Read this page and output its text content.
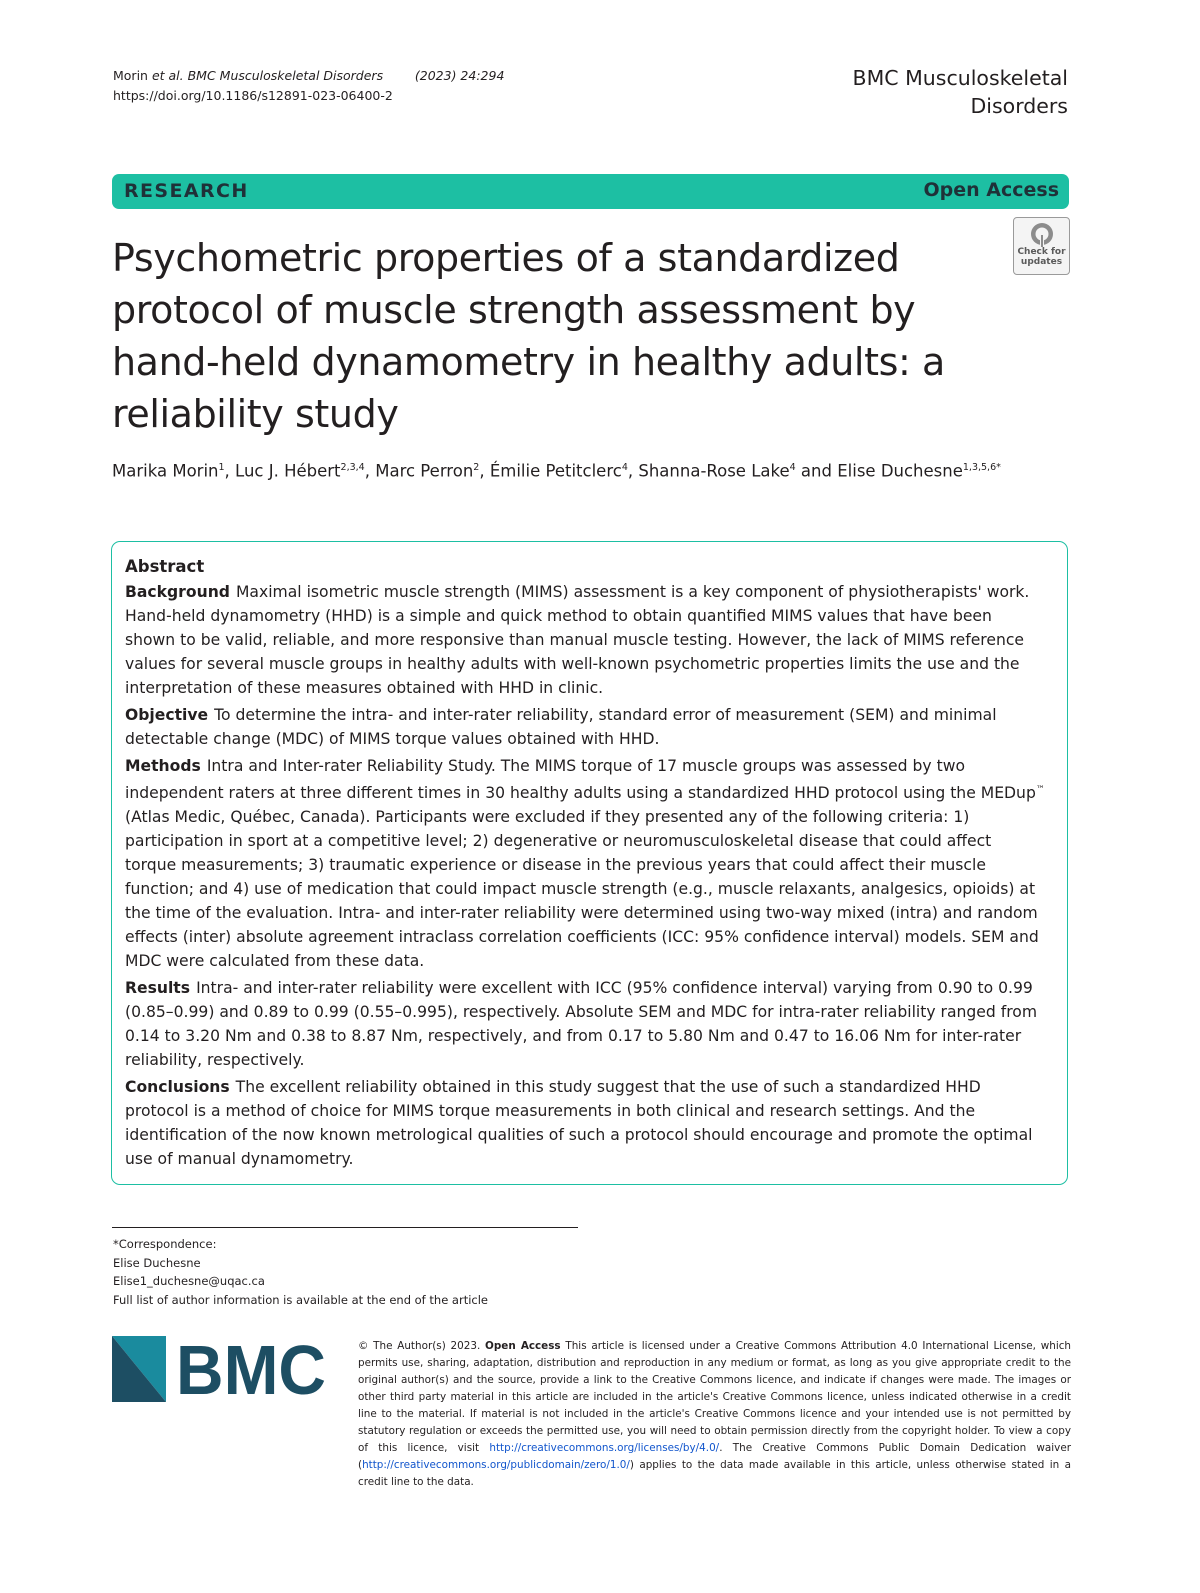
Morin et al. BMC Musculoskeletal Disorders	(2023) 24:294
https://doi.org/10.1186/s12891-023-06400-2
BMC Musculoskeletal
Disorders
RESEARCH	Open Access
Check for
updates
Psychometric properties of a standardized protocol of muscle strength assessment by hand-held dynamometry in healthy adults: a reliability study
Marika Morin$^1$, Luc J. Hébert$^{2,3,4}$, Marc Perron$^2$, Émilie Petitclerc$^4$, Shanna-Rose Lake$^4$ and Elise Duchesne$^{1,3,5,6*}$
Abstract

Background Maximal isometric muscle strength (MIMS) assessment is a key component of physiotherapists' work. Hand-held dynamometry (HHD) is a simple and quick method to obtain quantified MIMS values that have been shown to be valid, reliable, and more responsive than manual muscle testing. However, the lack of MIMS reference values for several muscle groups in healthy adults with well-known psychometric properties limits the use and the interpretation of these measures obtained with HHD in clinic.

Objective To determine the intra- and inter-rater reliability, standard error of measurement (SEM) and minimal detectable change (MDC) of MIMS torque values obtained with HHD.

Methods Intra and Inter-rater Reliability Study. The MIMS torque of 17 muscle groups was assessed by two independent raters at three different times in 30 healthy adults using a standardized HHD protocol using the MEDup™ (Atlas Medic, Québec, Canada). Participants were excluded if they presented any of the following criteria: 1) participation in sport at a competitive level; 2) degenerative or neuromusculoskeletal disease that could affect torque measurements; 3) traumatic experience or disease in the previous years that could affect their muscle function; and 4) use of medication that could impact muscle strength (e.g., muscle relaxants, analgesics, opioids) at the time of the evaluation. Intra- and inter-rater reliability were determined using two-way mixed (intra) and random effects (inter) absolute agreement intraclass correlation coefficients (ICC: 95% confidence interval) models. SEM and MDC were calculated from these data.

Results Intra- and inter-rater reliability were excellent with ICC (95% confidence interval) varying from 0.90 to 0.99 (0.85–0.99) and 0.89 to 0.99 (0.55–0.995), respectively. Absolute SEM and MDC for intra-rater reliability ranged from 0.14 to 3.20 Nm and 0.38 to 8.87 Nm, respectively, and from 0.17 to 5.80 Nm and 0.47 to 16.06 Nm for inter-rater reliability, respectively.

Conclusions The excellent reliability obtained in this study suggest that the use of such a standardized HHD protocol is a method of choice for MIMS torque measurements in both clinical and research settings. And the identification of the now known metrological qualities of such a protocol should encourage and promote the optimal use of manual dynamometry.

*Correspondence:
Elise Duchesne
Elise1_duchesne@uqac.ca
Full list of author information is available at the end of the article
BMC	© The Author(s) 2023. Open Access This article is licensed under a Creative Commons Attribution 4.0 International License, which permits use, sharing, adaptation, distribution and reproduction in any medium or format, as long as you give appropriate credit to the original author(s) and the source, provide a link to the Creative Commons licence, and indicate if changes were made. The images or other third party material in this article are included in the article's Creative Commons licence, unless indicated otherwise in a credit line to the material. If material is not included in the article's Creative Commons licence and your intended use is not permitted by statutory regulation or exceeds the permitted use, you will need to obtain permission directly from the copyright holder. To view a copy of this licence, visit http://creativecommons.org/licenses/by/4.0/. The Creative Commons Public Domain Dedication waiver (http://creativecommons.org/publicdomain/zero/1.0/) applies to the data made available in this article, unless otherwise stated in a credit line to the data.
